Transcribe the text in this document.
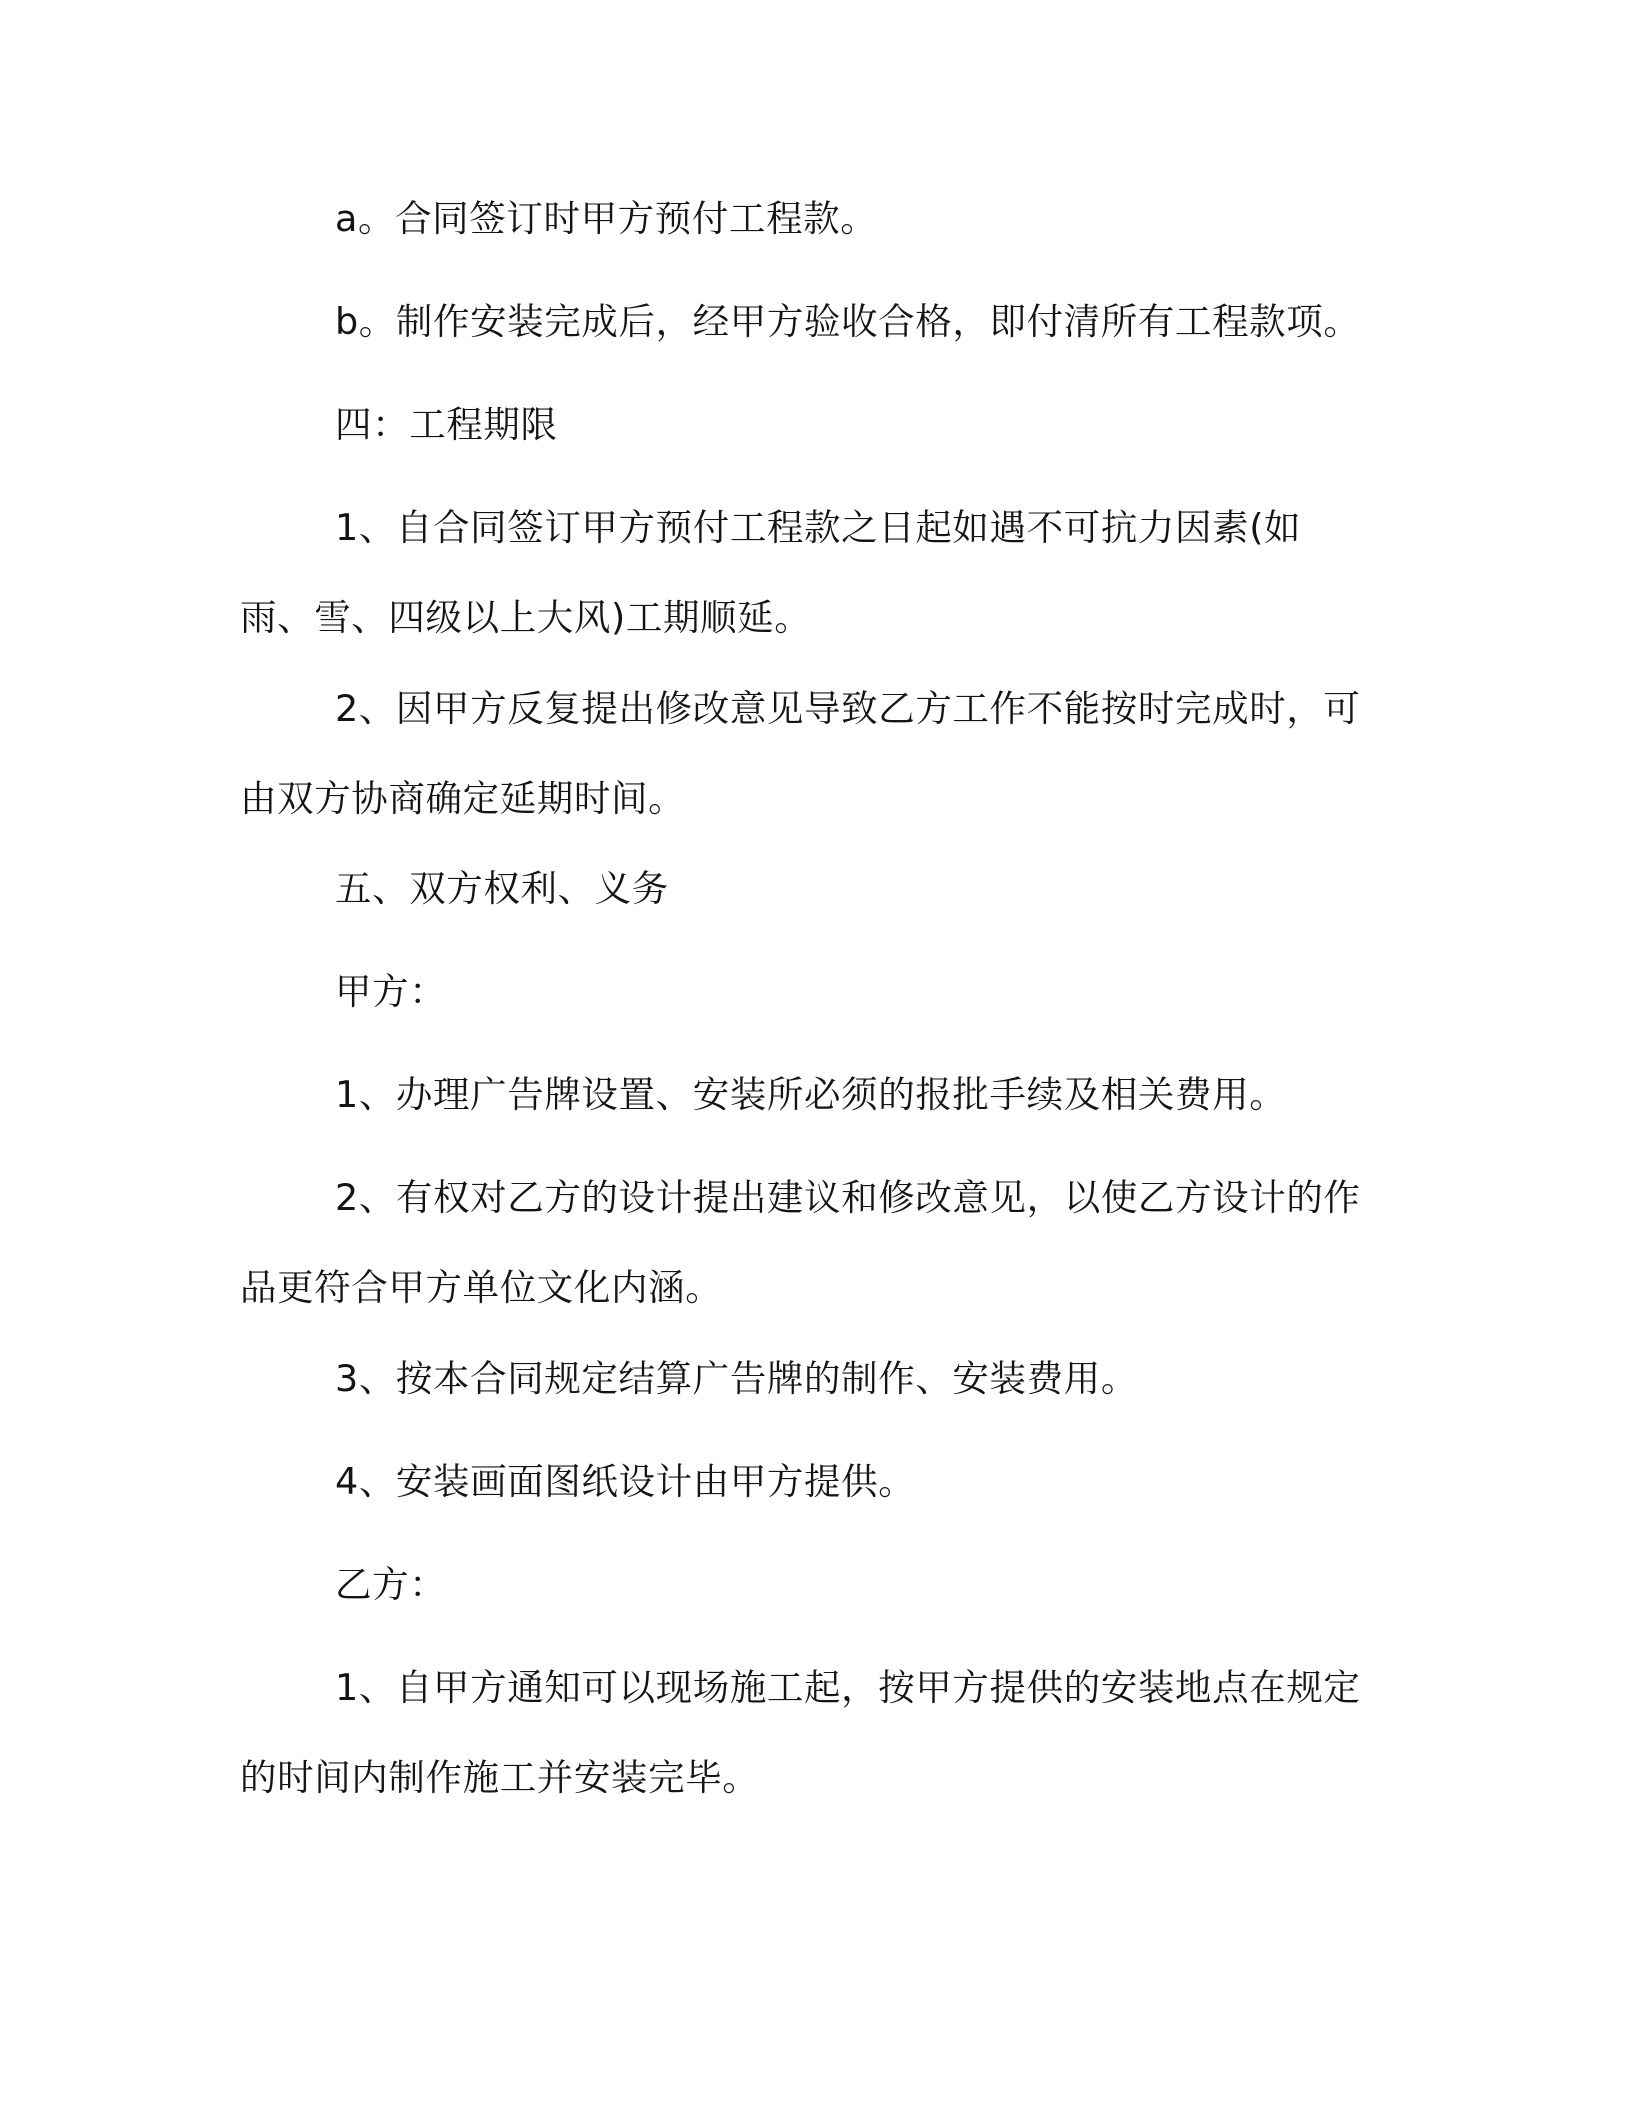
a。合同签订时甲方预付工程款。

b。制作安装完成后，经甲方验收合格，即付清所有工程款项。

四：工程期限

1、自合同签订甲方预付工程款之日起如遇不可抗力因素(如雨、雪、四级以上大风)工期顺延。

2、因甲方反复提出修改意见导致乙方工作不能按时完成时，可由双方协商确定延期时间。

五、双方权利、义务

甲方：

1、办理广告牌设置、安装所必须的报批手续及相关费用。

2、有权对乙方的设计提出建议和修改意见，以使乙方设计的作品更符合甲方单位文化内涵。

3、按本合同规定结算广告牌的制作、安装费用。

4、安装画面图纸设计由甲方提供。

乙方：

1、自甲方通知可以现场施工起，按甲方提供的安装地点在规定的时间内制作施工并安装完毕。
